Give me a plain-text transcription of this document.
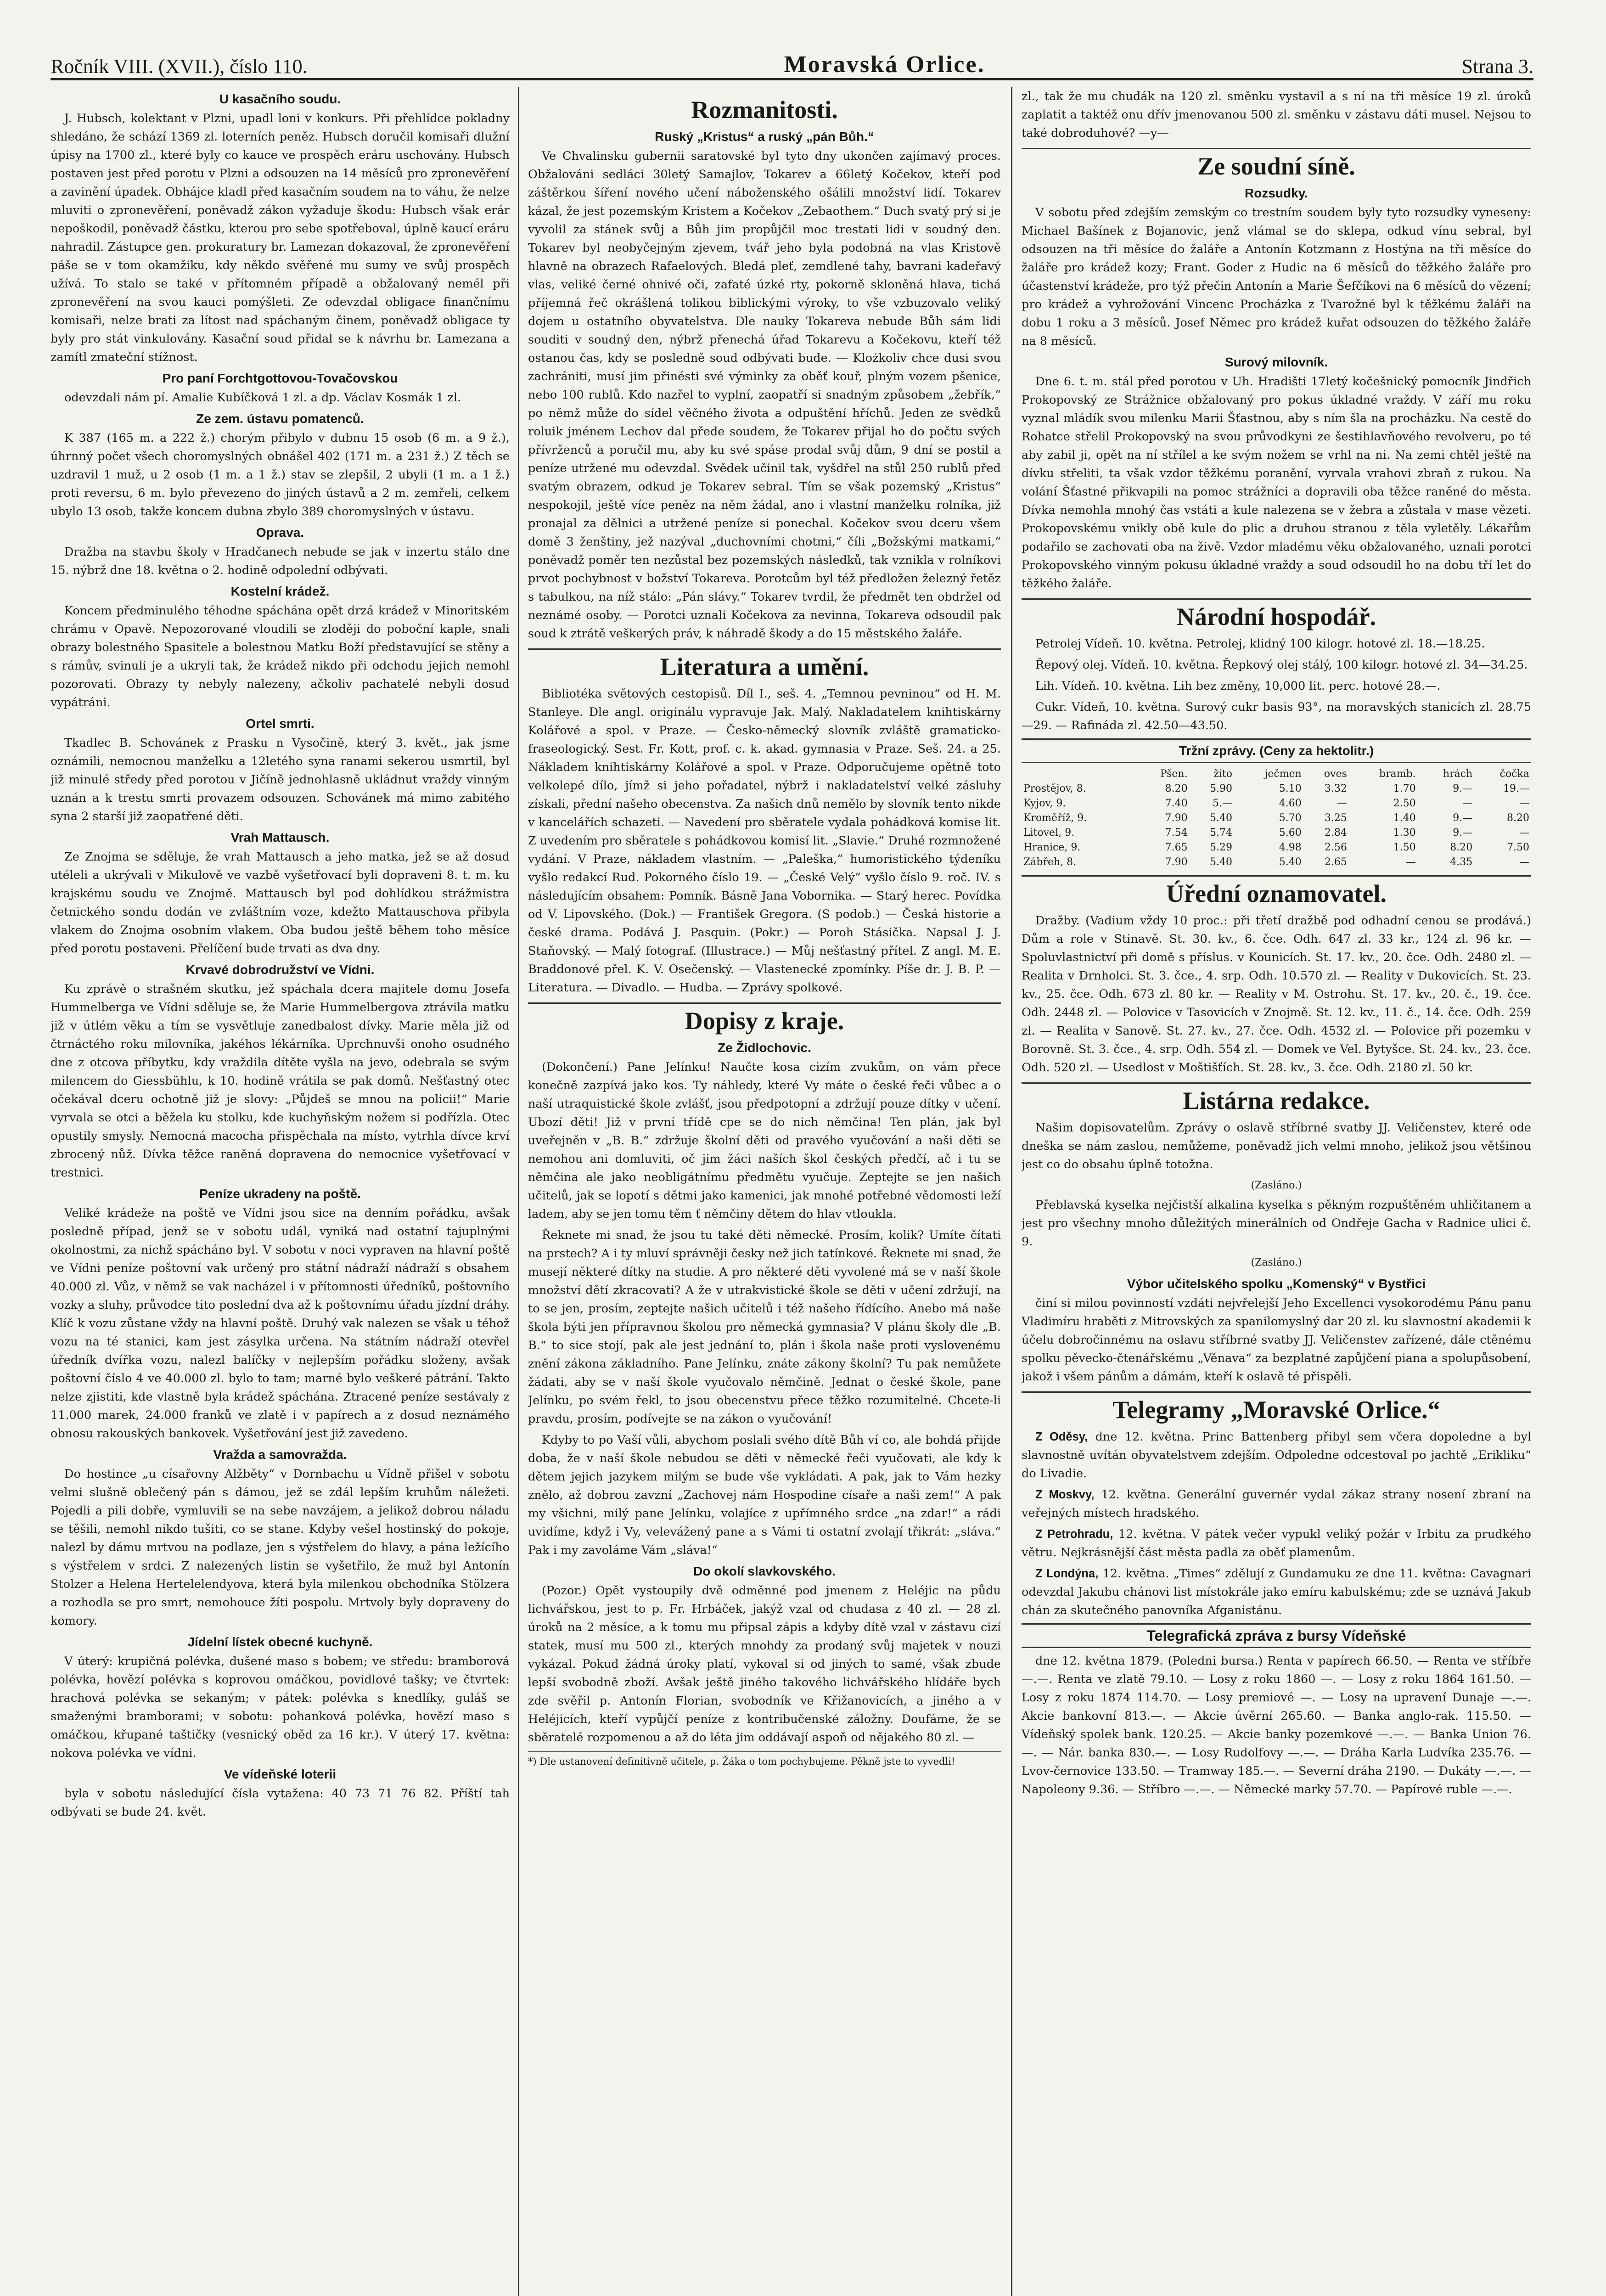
Ročník VIII. (XVII.), číslo 110.	Moravská Orlice.	Strana 3.
U kasačního soudu.

J. Hubsch, kolektant v Plzni, upadl loni v konkurs. Při přehlídce pokladny shledáno, že schází 1369 zl. loterních peněz. Hubsch doručil komisaři dlužní úpisy na 1700 zl., které byly co kauce ve prospěch eráru uschovány. Hubsch postaven jest před porotu v Plzni a odsouzen na 14 měsíců pro zpronevěření a zavinění úpadek. Obhájce kladl před kasačním soudem na to váhu, že nelze mluviti o zpronevěření, poněvadž zákon vyžaduje škodu: Hubsch však erár nepoškodil, poněvadž částku, kterou pro sebe spotřeboval, úplně kaucí eráru nahradil. Zástupce gen. prokuratury br. Lamezan dokazoval, že zpronevěření páše se v tom okamžiku, kdy někdo svěřené mu sumy ve svůj prospěch užívá. To stalo se také v přítomném případě a obžalovaný nemél při zpronevěření na svou kauci pomýšleti. Ze odevzdal obligace finančnímu komisaři, nelze brati za lítost nad spáchaným činem, poněvadž obligace ty byly pro stát vinkulovány. Kasační soud přidal se k návrhu br. Lamezana a zamítl zmateční stížnost.

Pro paní Forchtgottovou-Tovačovskou

odevzdali nám pí. Amalie Kubíčková 1 zl. a dp. Václav Kosmák 1 zl.

Ze zem. ústavu pomatenců.

K 387 (165 m. a 222 ž.) chorým přibylo v dubnu 15 osob (6 m. a 9 ž.), úhrnný počet všech choromyslných obnášel 402 (171 m. a 231 ž.) Z těch se uzdravil 1 muž, u 2 osob (1 m. a 1 ž.) stav se zlepšil, 2 ubyli (1 m. a 1 ž.) proti reversu, 6 m. bylo převezeno do jiných ústavů a 2 m. zemřeli, celkem ubylo 13 osob, takže koncem dubna zbylo 389 choromyslných v ústavu.

Oprava.

Dražba na stavbu školy v Hradčanech nebude se jak v inzertu stálo dne 15. nýbrž dne 18. května o 2. hodině odpolední odbývati.

Kostelní krádež.

Koncem předminulého téhodne spáchána opět drzá krádež v Minoritském chrámu v Opavě. Nepozorované vloudili se zloději do poboční kaple, snali obrazy bolestného Spasitele a bolestnou Matku Boží představující se stěny a s rámův, svinuli je a ukryli tak, že krádež nikdo při odchodu jejich nemohl pozorovati. Obrazy ty nebyly nalezeny, ačkoliv pachatelé nebyli dosud vypátráni.

Ortel smrti.

Tkadlec B. Schovánek z Prasku n Vysočině, který 3. květ., jak jsme oznámili, nemocnou manželku a 12letého syna ranami sekerou usmrtil, byl již minulé středy před porotou v Jičíně jednohlasně ukládnut vraždy vinným uznán a k trestu smrti provazem odsouzen. Schovánek má mimo zabitého syna 2 starší již zaopatřené děti.

Vrah Mattausch.

Ze Znojma se sděluje, že vrah Mattausch a jeho matka, jež se až dosud utéleli a ukrývali v Mikulově ve vazbě vyšetřovací byli dopraveni 8. t. m. ku krajskému soudu ve Znojmě. Mattausch byl pod dohlídkou strážmistra četnického sondu dodán ve zvláštním voze, kdežto Mattauschova přibyla vlakem do Znojma osobním vlakem. Oba budou ještě během toho měsíce před porotu postaveni. Přelíčení bude trvati as dva dny.

Krvavé dobrodružství ve Vídni.

Ku zprávě o strašném skutku, jež spáchala dcera majitele domu Josefa Hummelberga ve Vídni sděluje se, že Marie Hummelbergova ztrávila matku již v útlém věku a tím se vysvětluje zanedbalost dívky. Marie měla již od čtrnáctého roku milovníka, jakéhos lékárníka. Uprchnuvši onoho osudného dne z otcova příbytku, kdy vraždila dítěte vyšla na jevo, odebrala se svým milencem do Giessbühlu, k 10. hodině vrátila se pak domů. Nešťastný otec očekával dceru ochotně již je slovy: „Půjdeš se mnou na policii!“ Marie vyrvala se otci a běžela ku stolku, kde kuchyňským nožem si podřízla. Otec opustily smysly. Nemocná macocha přispěchala na místo, vytrhla dívce krví zbrocený nůž. Dívka těžce raněná dopravena do nemocnice vyšetřovací v trestnici.

Peníze ukradeny na poště.

Veliké krádeže na poště ve Vídni jsou sice na denním pořádku, avšak posledně případ, jenž se v sobotu udál, vyniká nad ostatní tajuplnými okolnostmi, za nichž spácháno byl. V sobotu v noci vypraven na hlavní poště ve Vídni peníze poštovní vak určený pro státní nádraží nádraží s obsahem 40.000 zl. Vůz, v němž se vak nacházel i v přítomnosti úředníků, poštovního vozky a sluhy, průvodce tito poslední dva až k poštovnímu úřadu jízdní dráhy. Klíč k vozu zůstane vždy na hlavní poště. Druhý vak nalezen se však u téhož vozu na té stanici, kam jest zásylka určena. Na státním nádraží otevřel úředník dvířka vozu, nalezl balíčky v nejlepším pořádku složeny, avšak poštovní číslo 4 ve 40.000 zl. bylo to tam; marné bylo veškeré pátrání. Takto nelze zjistiti, kde vlastně byla krádež spáchána. Ztracené peníze sestávaly z 11.000 marek, 24.000 franků ve zlatě i v papírech a z dosud neznámého obnosu rakouských bankovek. Vyšetřování jest již zavedeno.

Vražda a samovražda.

Do hostince „u císařovny Alžběty“ v Dornbachu u Vídně přišel v sobotu velmi slušně oblečený pán s dámou, jež se zdál lepším kruhům náležeti. Pojedli a pili dobře, vymluvili se na sebe navzájem, a jelikož dobrou náladu se těšili, nemohl nikdo tušiti, co se stane. Kdyby vešel hostinský do pokoje, nalezl by dámu mrtvou na podlaze, jen s výstřelem do hlavy, a pána ležícího s výstřelem v srdci. Z nalezených listin se vyšetřilo, že muž byl Antonín Stolzer a Helena Hertelelendyova, která byla milenkou obchodníka Stölzera a rozhodla se pro smrt, nemohouce žíti pospolu. Mrtvoly byly dopraveny do komory.

Jídelní lístek obecné kuchyně.

V úterý: krupičná polévka, dušené maso s bobem; ve středu: bramborová polévka, hovězí polévka s koprovou omáčkou, povidlové tašky; ve čtvrtek: hrachová polévka se sekaným; v pátek: polévka s knedlíky, guláš se smaženými bramborami; v sobotu: pohanková polévka, hovězí maso s omáčkou, křupané taštičky (vesnický oběd za 16 kr.). V úterý 17. května: nokova polévka ve vídni.

Ve vídeňské loterii

byla v sobotu následující čísla vytažena: 40 73 71 76 82. Příští tah odbývati se bude 24. květ.

Rozmanitosti.
Ruský „Kristus“ a ruský „pán Bůh.“

Ve Chvalinsku gubernii saratovské byl tyto dny ukončen zajímavý proces. Obžalováni sedláci 30letý Samajlov, Tokarev a 66letý Kočekov, kteří pod záštěrkou šíření nového učení náboženského ošálili množství lidí. Tokarev kázal, že jest pozemským Kristem a Kočekov „Zebaothem.“ Duch svatý prý si je vyvolil za stánek svůj a Bůh jim propůjčil moc trestati lidi v soudný den. Tokarev byl neobyčejným zjevem, tvář jeho byla podobná na vlas Kristově hlavně na obrazech Rafaelových. Bledá pleť, zemdlené tahy, bavrani kadeřavý vlas, veliké černé ohnivé oči, zafaté úzké rty, pokorně skloněná hlava, tichá příjemná řeč okrášlená tolikou biblickými výroky, to vše vzbuzovalo veliký dojem u ostatního obyvatelstva. Dle nauky Tokareva nebude Bůh sám lidi souditi v soudný den, nýbrž přenechá úřad Tokarevu a Kočekovu, kteří též ostanou čas, kdy se posledně soud odbývati bude. — Klożkoliv chce dusi svou zachrániti, musí jim přinésti své výminky za oběť kouř, plným vozem pšenice, nebo 100 rublů. Kdo nazřel to vyplní, zaopatří si snadným způsobem „žebřík,“ po němž může do sídel věčného života a odpuštění hříchů. Jeden ze svědků roluik jménem Lechov dal přede soudem, že Tokarev přijal ho do počtu svých přívrženců a poručil mu, aby ku své spáse prodal svůj dům, 9 dní se postil a peníze utržené mu odevzdal. Svědek učinil tak, vyšdřel na stůl 250 rublů před svatým obrazem, odkud je Tokarev sebral. Tím se však pozemský „Kristus“ nespokojil, ještě více peněz na něm žádal, ano i vlastní manželku rolníka, již pronajal za dělnici a utržené peníze si ponechal. Kočekov svou dceru všem domě 3 ženštiny, jež nazýval „duchovními chotmi,“ číli „Božskými matkami,“ poněvadž poměr ten nezůstal bez pozemských následků, tak vznikla v rolníkovi prvot pochybnost v božství Tokareva. Porotcům byl též předložen železný řetěz s tabulkou, na níž stálo: „Pán slávy.“ Tokarev tvrdil, že předmět ten obdržel od neznámé osoby. — Porotci uznali Kočekova za nevinna, Tokareva odsoudil pak soud k ztrátě veškerých práv, k náhradě škody a do 15 městského žaláře.

Literatura a umění.

Bibliotéka světových cestopisů. Díl I., seš. 4. „Temnou pevninou“ od H. M. Stanleye. Dle angl. originálu vypravuje Jak. Malý. Nakladatelem knihtiskárny Kolářové a spol. v Praze. — Česko-německý slovník zvláště gramaticko-fraseologický. Sest. Fr. Kott, prof. c. k. akad. gymnasia v Praze. Seš. 24. a 25. Nákladem knihtiskárny Kolářové a spol. v Praze. Odporučujeme opětně toto velkolepé dílo, jímž si jeho pořadatel, nýbrž i nakladatelství velké zásluhy získali, přední našeho obecenstva. Za našich dnů nemělo by slovník tento nikde v kancelářích schazeti. — Navedení pro sběratele vydala pohádková komise lit. Z uvedením pro sběratele s pohádkovou komisí lit. „Slavie.“ Druhé rozmnožené vydání. V Praze, nákladem vlastním. — „Paleška,“ humoristického týdeníku vyšlo redakcí Rud. Pokorného číslo 19. — „České Velý“ vyšlo číslo 9. roč. IV. s následujícím obsahem: Pomník. Básně Jana Vobornika. — Starý herec. Povídka od V. Lipovského. (Dok.) — František Gregora. (S podob.) — Česká historie a české drama. Podává J. Pasquin. (Pokr.) — Poroh Stásička. Napsal J. J. Staňovský. — Malý fotograf. (Illustrace.) — Můj nešťastný přítel. Z angl. M. E. Braddonové přel. K. V. Osečenský. — Vlastenecké zpomínky. Píše dr. J. B. P. — Literatura. — Divadlo. — Hudba. — Zprávy spolkové.

Dopisy z kraje.
Ze Židlochovic.

(Dokončení.) Pane Jelínku! Naučte kosa cizím zvukům, on vám přece konečně zazpívá jako kos. Ty náhledy, které Vy máte o české řeči vůbec a o naší utraquistické škole zvlášť, jsou předpotopní a zdržují pouze dítky v učení. Ubozí děti! Již v první třídě cpe se do nich němčina! Ten plán, jak byl uveřejněn v „B. B.“ zdržuje školní děti od pravého vyučování a naši děti se nemohou ani domluviti, oč jim žáci naších škol českých předčí, ač i tu se němčina ale jako neobligátnímu předmětu vyučuje. Zeptejte se jen našich učitelů, jak se lopotí s dětmi jako kamenici, jak mnohé potřebné vědomosti leží ladem, aby se jen tomu těm ť němčiny dětem do hlav vtloukla.

Řeknete mi snad, že jsou tu také děti německé. Prosím, kolik? Umíte čítati na prstech? A i ty mluví správněji česky než jich tatínkové. Řeknete mi snad, že musejí některé dítky na studie. A pro některé děti vyvolené má se v naší škole množství dětí zkracovati? A že v utrakvistické škole se děti v učení zdržují, na to se jen, prosím, zeptejte našich učitelů i též našeho řídícího. Anebo má naše škola býti jen přípravnou školou pro německá gymnasia? V plánu školy dle „B. B.“ to sice stojí, pak ale jest jednání to, plán i škola naše proti vyslovenému znění zákona základního. Pane Jelínku, znáte zákony školní? Tu pak nemůžete žádati, aby se v naší škole vyučovalo němčině. Jednat o české škole, pane Jelínku, po svém řekl, to jsou obecenstvu přece těžko rozumitelné. Chcete-li pravdu, prosím, podívejte se na zákon o vyučování!

Kdyby to po Vaší vůli, abychom poslali svého dítě Bůh ví co, ale bohdá přijde doba, že v naší škole nebudou se děti v německé řeči vyučovati, ale kdy k dětem jejich jazykem milým se bude vše vykládati. A pak, jak to Vám hezky znělo, až dobrou zavzní „Zachovej nám Hospodine císaře a naši zem!“ A pak my všichni, milý pane Jelínku, volajíce z upřímného srdce „na zdar!“ a rádi uvidíme, když i Vy, velevážený pane a s Vámi ti ostatní zvolají třikrát: „sláva.“ Pak i my zavoláme Vám „sláva!“

Do okolí slavkovského.

(Pozor.) Opět vystoupily dvě odměnné pod jmenem z Heléjic na půdu lichvářskou, jest to p. Fr. Hrbáček, jakýž vzal od chudasa z 40 zl. — 28 zl. úroků na 2 měsíce, a k tomu mu připsal zápis a kdyby dítě vzal v zástavu cizí statek, musí mu 500 zl., kterých mnohdy za prodaný svůj majetek v nouzi vykázal. Pokud žádná úroky platí, vykoval si od jiných to samé, však zbude lepší svobodně zboží. Avšak ještě jiného takového lichvářského hlídáře bych zde svěřil p. Antonín Florian, svobodník ve Křižanovicích, a jiného a v Heléjicích, kteří vypůjčí peníze z kontribučenské záložny. Doufáme, že se sběratelé rozpomenou a až do léta jim oddávají aspoň od nějakého 80 zl. —

*) Dle ustanovení definitivně učitele, p. Žáka o tom pochybujeme. Pěkně jste to vyvedli!

zl., tak že mu chudák na 120 zl. směnku vystavil a s ní na tři měsíce 19 zl. úroků zaplatit a taktéž onu dřív jmenovanou 500 zl. směnku v zástavu dáti musel. Nejsou to také dobroduhové? —y—

Ze soudní síně.
Rozsudky.

V sobotu před zdejším zemským co trestním soudem byly tyto rozsudky vyneseny: Michael Bašínek z Bojanovic, jenž vlámal se do sklepa, odkud vínu sebral, byl odsouzen na tři měsíce do žaláře a Antonín Kotzmann z Hostýna na tři měsíce do žaláře pro krádež kozy; Frant. Goder z Hudic na 6 měsíců do těžkého žaláře pro účastenství krádeže, pro týž přečin Antonín a Marie Šefčíkovi na 6 měsíců do vězení; pro krádež a vyhrožování Vincenc Procházka z Tvarožné byl k těžkému žaláři na dobu 1 roku a 3 měsíců. Josef Němec pro krádež kuřat odsouzen do těžkého žaláře na 8 měsíců.

Surový milovník.

Dne 6. t. m. stál před porotou v Uh. Hradišti 17letý kočešnický pomocník Jindřich Prokopovský ze Strážnice obžalovaný pro pokus úkladné vraždy. V září mu roku vyznal mládík svou milenku Marii Šťastnou, aby s ním šla na procházku. Na cestě do Rohatce střelil Prokopovský na svou průvodkyni ze šestihlavňového revolveru, po té aby zabil ji, opět na ní střílel a ke svým nožem se vrhl na ni. Na zemi chtěl ještě na dívku střeliti, ta však vzdor těžkému poranění, vyrvala vrahovi zbraň z rukou. Na volání Šťastné přikvapili na pomoc strážníci a dopravili oba těžce raněné do města. Dívka nemohla mnohý čas vstáti a kule nalezena se v žebra a zůstala v mase vězeti. Prokopovskému vnikly obě kule do plic a druhou stranou z těla vyletěly. Lékařům podařilo se zachovati oba na živě. Vzdor mladému věku obžalovaného, uznali porotci Prokopovského vinným pokusu úkladné vraždy a soud odsoudil ho na dobu tří let do těžkého žaláře.

Národní hospodář.

Petrolej Vídeň. 10. května. Petrolej, klidný 100 kilogr. hotové zl. 18.—18.25.

Řepový olej. Vídeň. 10. května. Řepkový olej stálý, 100 kilogr. hotové zl. 34—34.25.

Lih. Vídeň. 10. května. Lih bez změny, 10,000 lit. perc. hotové 28.—.

Cukr. Vídeň, 10. května. Surový cukr basis 93°, na moravských stanicích zl. 28.75—29. — Rafináda zl. 42.50—43.50.

Tržní zprávy. (Ceny za hektolitr.)
	Pšen.	žito	ječmen	oves	bramb.	hrách	čočka
Prostějov, 8.	8.20	5.90	5.10	3.32	1.70	9.—	19.—
Kyjov, 9.	7.40	5.—	4.60	—	2.50	—	—
Kroměříž, 9.	7.90	5.40	5.70	3.25	1.40	9.—	8.20
Litovel, 9.	7.54	5.74	5.60	2.84	1.30	9.—	—
Hranice, 9.	7.65	5.29	4.98	2.56	1.50	8.20	7.50
Zábřeh, 8.	7.90	5.40	5.40	2.65	—	4.35	—
Úřední oznamovatel.

Dražby. (Vadium vždy 10 proc.: při třetí dražbě pod odhadní cenou se prodává.) Dům a role v Stinavě. St. 30. kv., 6. čce. Odh. 647 zl. 33 kr., 124 zl. 96 kr. — Spoluvlastnictví při domě s příslus. v Kounicích. St. 17. kv., 20. čce. Odh. 2480 zl. — Realita v Drnholci. St. 3. čce., 4. srp. Odh. 10.570 zl. — Reality v Dukovicích. St. 23. kv., 25. čce. Odh. 673 zl. 80 kr. — Reality v M. Ostrohu. St. 17. kv., 20. č., 19. čce. Odh. 2448 zl. — Polovice v Tasovicích v Znojmě. St. 12. kv., 11. č., 14. čce. Odh. 259 zl. — Realita v Sanově. St. 27. kv., 27. čce. Odh. 4532 zl. — Polovice při pozemku v Borovně. St. 3. čce., 4. srp. Odh. 554 zl. — Domek ve Vel. Bytyšce. St. 24. kv., 23. čce. Odh. 520 zl. — Usedlost v Moštišťích. St. 28. kv., 3. čce. Odh. 2180 zl. 50 kr.

Listárna redakce.

Našim dopisovatelům. Zprávy o oslavě stříbrné svatby JJ. Veličenstev, které ode dneška se nám zaslou, nemůžeme, poněvadž jich velmi mnoho, jelikož jsou většinou jest co do obsahu úplně totožna.

(Zasláno.)

Přeblavská kyselka nejčistší alkalina kyselka s pěkným rozpuštěném uhličitanem a jest pro všechny mnoho důležitých minerálních od Ondřeje Gacha v Radnice ulici č. 9.

(Zasláno.)
Výbor učitelského spolku „Komenský“ v Bystřici

činí si milou povinností vzdáti nejvřelejší Jeho Excellenci vysokorodému Pánu panu Vladimíru hraběti z Mitrovských za spanilomyslný dar 20 zl. ku slavnostní akademii k účelu dobročinnému na oslavu stříbrné svatby JJ. Veličenstev zařízené, dále ctěnému spolku pěvecko-čtenářskému „Věnava“ za bezplatné zapůjčení piana a spolupůsobení, jakož i všem pánům a dámám, kteří k oslavě té přispěli.

Telegramy „Moravské Orlice.“

Z Oděsy, dne 12. května. Princ Battenberg přibyl sem včera dopoledne a byl slavnostně uvítán obyvatelstvem zdejším. Odpoledne odcestoval po jachtě „Erikliku“ do Livadie.

Z Moskvy, 12. května. Generální guvernér vydal zákaz strany nosení zbraní na veřejných místech hradského.

Z Petrohradu, 12. května. V pátek večer vypukl veliký požár v Irbitu za prudkého větru. Nejkrásnější část města padla za oběť plamenům.

Z Londýna, 12. května. „Times“ zdělují z Gundamuku ze dne 11. května: Cavagnari odevzdal Jakubu chánovi list místokrále jako emíru kabulskému; zde se uznává Jakub chán za skutečného panovníka Afganistánu.

Telegrafická zpráva z bursy Vídeňské

dne 12. května 1879. (Poledni bursa.) Renta v papírech 66.50. — Renta ve stříbře —.—. Renta ve zlatě 79.10. — Losy z roku 1860 —. — Losy z roku 1864 161.50. — Losy z roku 1874 114.70. — Losy premiové —. — Losy na upravení Dunaje —.—. Akcie bankovní 813.—. — Akcie úvěrní 265.60. — Banka anglo-rak. 115.50. — Vídeňský spolek bank. 120.25. — Akcie banky pozemkové —.—. — Banka Union 76.—. — Nár. banka 830.—. — Losy Rudolfovy —.—. — Dráha Karla Ludvíka 235.76. — Lvov-černovice 133.50. — Tramway 185.—. — Severní dráha 2190. — Dukáty —.—. — Napoleony 9.36. — Stříbro —.—. — Německé marky 57.70. — Papírové ruble —.—.
